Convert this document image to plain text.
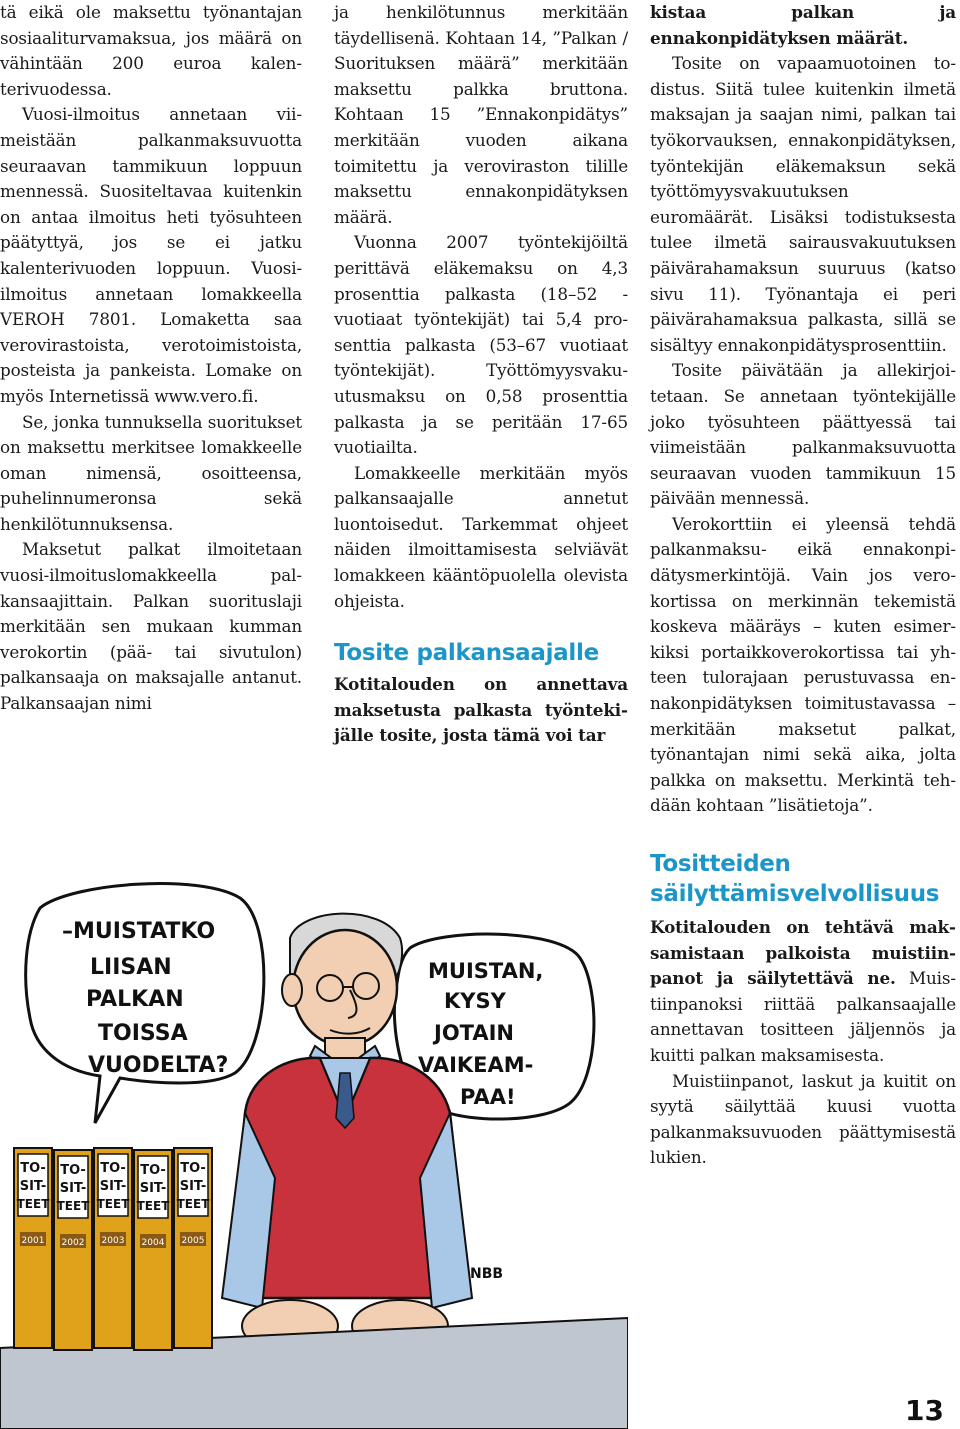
tä eikä ole maksettu työnantajan sosiaaliturvamaksua, jos määrä on vähintään 200 euroa kalenterivuodessa.

Vuosi-ilmoitus annetaan viimeistään palkanmaksuvuotta seuraavan tammikuun loppuun mennessä. Suositeltavaa kuitenkin on antaa ilmoitus heti työsuhteen päätyttyä, jos se ei jatku kalenterivuoden loppuun. Vuosi-ilmoitus annetaan lomakkeella VEROH 7801. Lomaketta saa verovirastoista, verotoimistoista, posteista ja pankeista. Lomake on myös Internetissä www.vero.fi.

Se, jonka tunnuksella suoritukset on maksettu merkitsee lomakkeelle oman nimensä, osoitteensa, puhelinnumeronsa sekä henkilötunnuksensa.

Maksetut palkat ilmoitetaan vuosi-ilmoituslomakkeella palkansaajittain. Palkan suorituslaji merkitään sen mukaan kumman verokortin (pää- tai sivutulon) palkansaaja on maksajalle antanut. Palkansaajan nimi

ja henkilötunnus merkitään täydellisenä. Kohtaan 14, ”Palkan / Suorituksen määrä” merkitään maksettu palkka bruttona. Kohtaan 15 ”Ennakonpidätys” merkitään vuoden aikana toimitettu ja veroviraston tilille maksettu ennakonpidätyksen määrä.

Vuonna 2007 työntekijöiltä perittävä eläkemaksu on 4,3 prosenttia palkasta (18–52 -vuotiaat työntekijät) tai 5,4 prosenttia palkasta (53–67 vuotiaat työntekijät). Työttömyysvakuutusmaksu on 0,58 prosenttia palkasta ja se peritään 17-65 vuotiailta.

Lomakkeelle merkitään myös palkansaajalle annetut luontoisedut. Tarkemmat ohjeet näiden ilmoittamisesta selviävät lomakkeen kääntöpuolella olevista ohjeista.

Tosite palkansaajalle

Kotitalouden on annettava maksetusta palkasta työntekijälle tosite, josta tämä voi tar

kistaa palkan ja ennakonpidätyksen määrät.

Tosite on vapaamuotoinen todistus. Siitä tulee kuitenkin ilmetä maksajan ja saajan nimi, palkan tai työkorvauksen, ennakonpidätyksen, työntekijän eläkemaksun sekä työttömyysvakuutuksen euromäärät. Lisäksi todistuksesta tulee ilmetä sairausvakuutuksen päivärahamaksun suuruus (katso sivu 11). Työnantaja ei peri päivärahamaksua palkasta, sillä se sisältyy ennakonpidätysprosenttiin.

Tosite päivätään ja allekirjoitetaan. Se annetaan työntekijälle joko työsuhteen päättyessä tai viimeistään palkanmaksuvuotta seuraavan vuoden tammikuun 15 päivään mennessä.

Verokorttiin ei yleensä tehdä palkanmaksu- eikä ennakonpidätysmerkintöjä. Vain jos verokortissa on merkinnän tekemistä koskeva määräys – kuten esimerkiksi portaikkoverokortissa tai yhteen tulorajaan perustuvassa ennakonpidätyksen toimitustavassa – merkitään maksetut palkat, työnantajan nimi sekä aika, jolta palkka on maksettu. Merkintä tehdään kohtaan ”lisätietoja”.

Tositteiden säilyttämisvelvollisuus

Kotitalouden on tehtävä maksamistaan palkoista muistiinpanot ja säilytettävä ne. Muistiinpanoksi riittää palkansaajalle annettavan tositteen jäljennös ja kuitti palkan maksamisesta.

Muistiinpanot, laskut ja kuitit on syytä säilyttää kuusi vuotta palkanmaksuvuoden päättymisestä lukien.

–MUISTATKO
LIISAN
PALKAN
TOISSA
VUODELTA?
MUISTAN,
KYSY
JOTAIN
VAIKEAM-
PAA!
TO-
SIT-
TEET
2001
TO-
SIT-
TEET
2002
TO-
SIT-
TEET
2003
TO-
SIT-
TEET
2004
TO-
SIT-
TEET
2005
NBB
13
